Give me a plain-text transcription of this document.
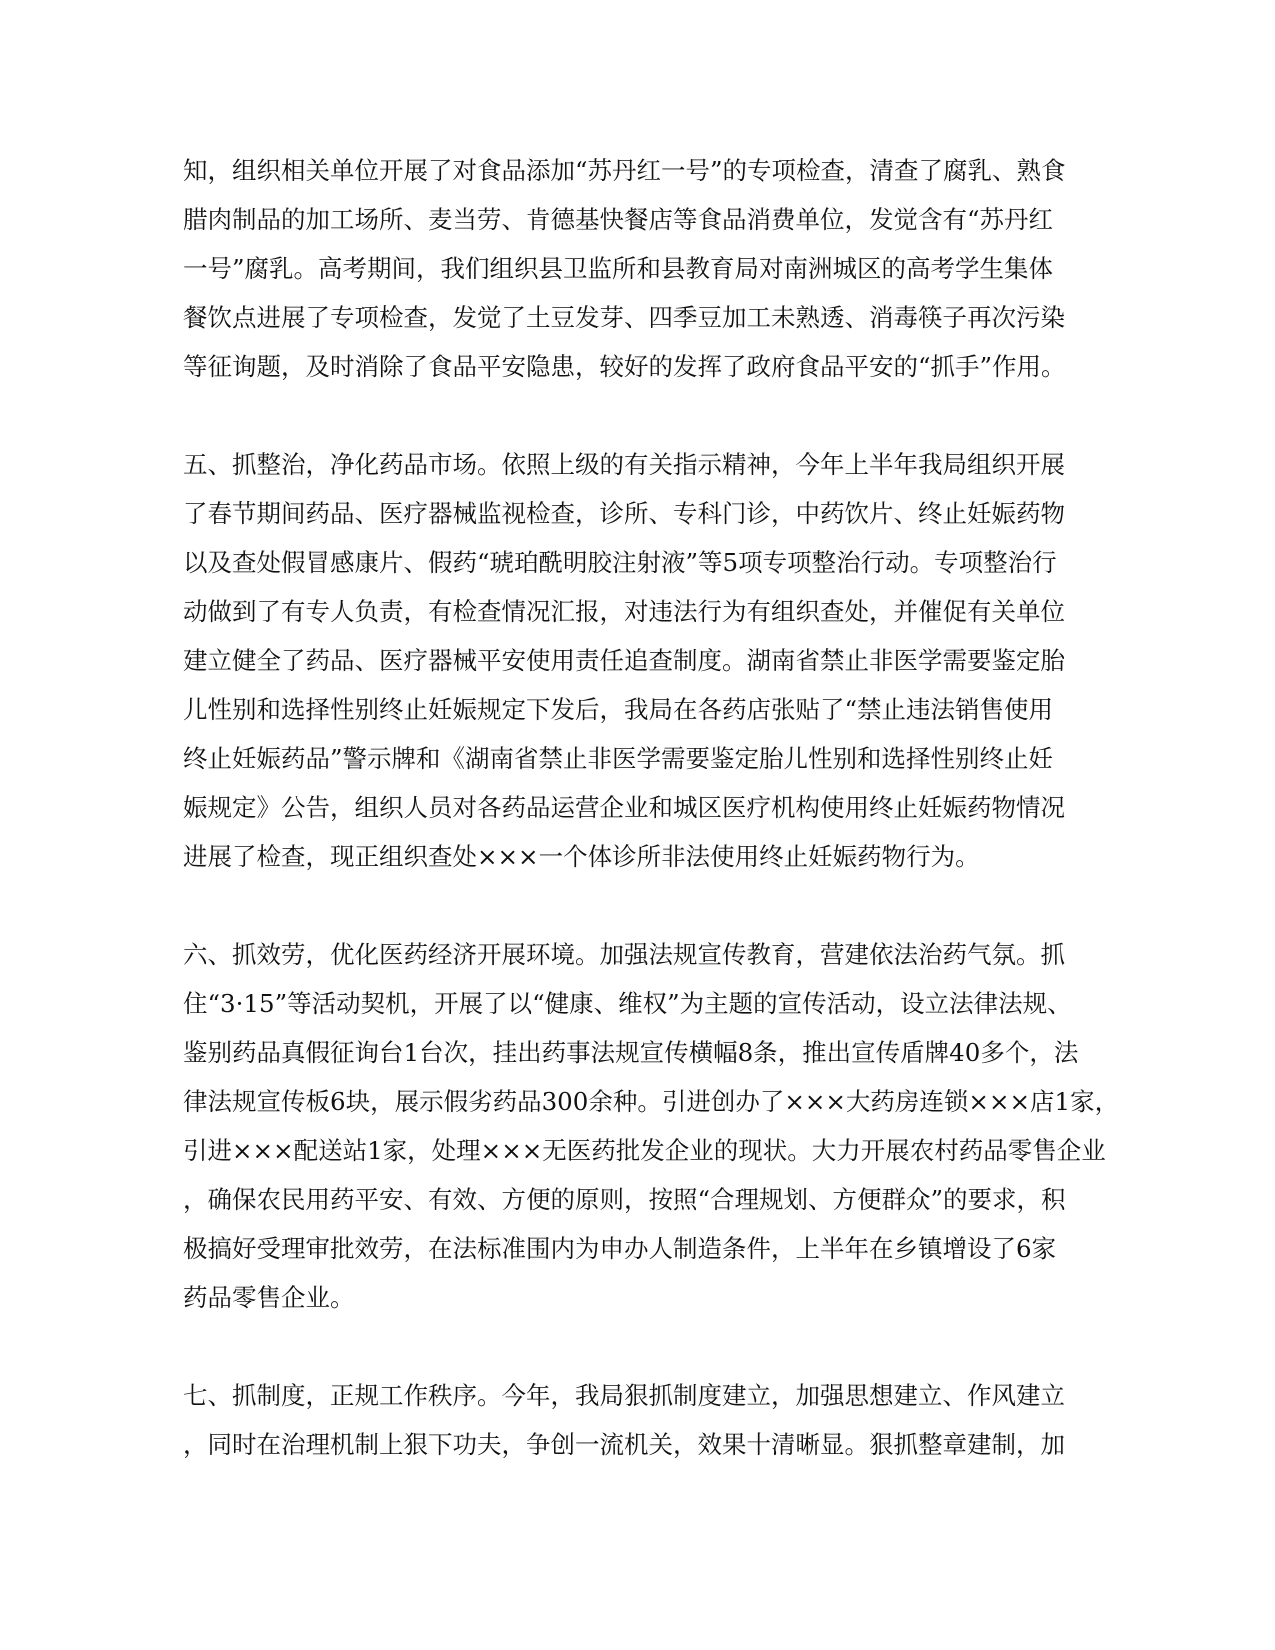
知，组织相关单位开展了对食品添加“苏丹红一号”的专项检查，清查了腐乳、熟食
腊肉制品的加工场所、麦当劳、肯德基快餐店等食品消费单位，发觉含有“苏丹红
一号”腐乳。高考期间，我们组织县卫监所和县教育局对南洲城区的高考学生集体
餐饮点进展了专项检查，发觉了土豆发芽、四季豆加工未熟透、消毒筷子再次污染
等征询题，及时消除了食品平安隐患，较好的发挥了政府食品平安的“抓手”作用。
五、抓整治，净化药品市场。依照上级的有关指示精神，今年上半年我局组织开展
了春节期间药品、医疗器械监视检查，诊所、专科门诊，中药饮片、终止妊娠药物
以及查处假冒感康片、假药“琥珀酰明胶注射液”等5项专项整治行动。专项整治行
动做到了有专人负责，有检查情况汇报，对违法行为有组织查处，并催促有关单位
建立健全了药品、医疗器械平安使用责任追查制度。湖南省禁止非医学需要鉴定胎
儿性别和选择性别终止妊娠规定下发后，我局在各药店张贴了“禁止违法销售使用
终止妊娠药品”警示牌和《湖南省禁止非医学需要鉴定胎儿性别和选择性别终止妊
娠规定》公告，组织人员对各药品运营企业和城区医疗机构使用终止妊娠药物情况
进展了检查，现正组织查处×××一个体诊所非法使用终止妊娠药物行为。
六、抓效劳，优化医药经济开展环境。加强法规宣传教育，营建依法治药气氛。抓
住“3·15”等活动契机，开展了以“健康、维权”为主题的宣传活动，设立法律法规、
鉴别药品真假征询台1台次，挂出药事法规宣传横幅8条，推出宣传盾牌40多个，法
律法规宣传板6块，展示假劣药品300余种。引进创办了×××大药房连锁×××店1家，
引进×××配送站1家，处理×××无医药批发企业的现状。大力开展农村药品零售企业
，确保农民用药平安、有效、方便的原则，按照“合理规划、方便群众”的要求，积
极搞好受理审批效劳，在法标准围内为申办人制造条件，上半年在乡镇增设了6家
药品零售企业。
七、抓制度，正规工作秩序。今年，我局狠抓制度建立，加强思想建立、作风建立
，同时在治理机制上狠下功夫，争创一流机关，效果十清晰显。狠抓整章建制，加
